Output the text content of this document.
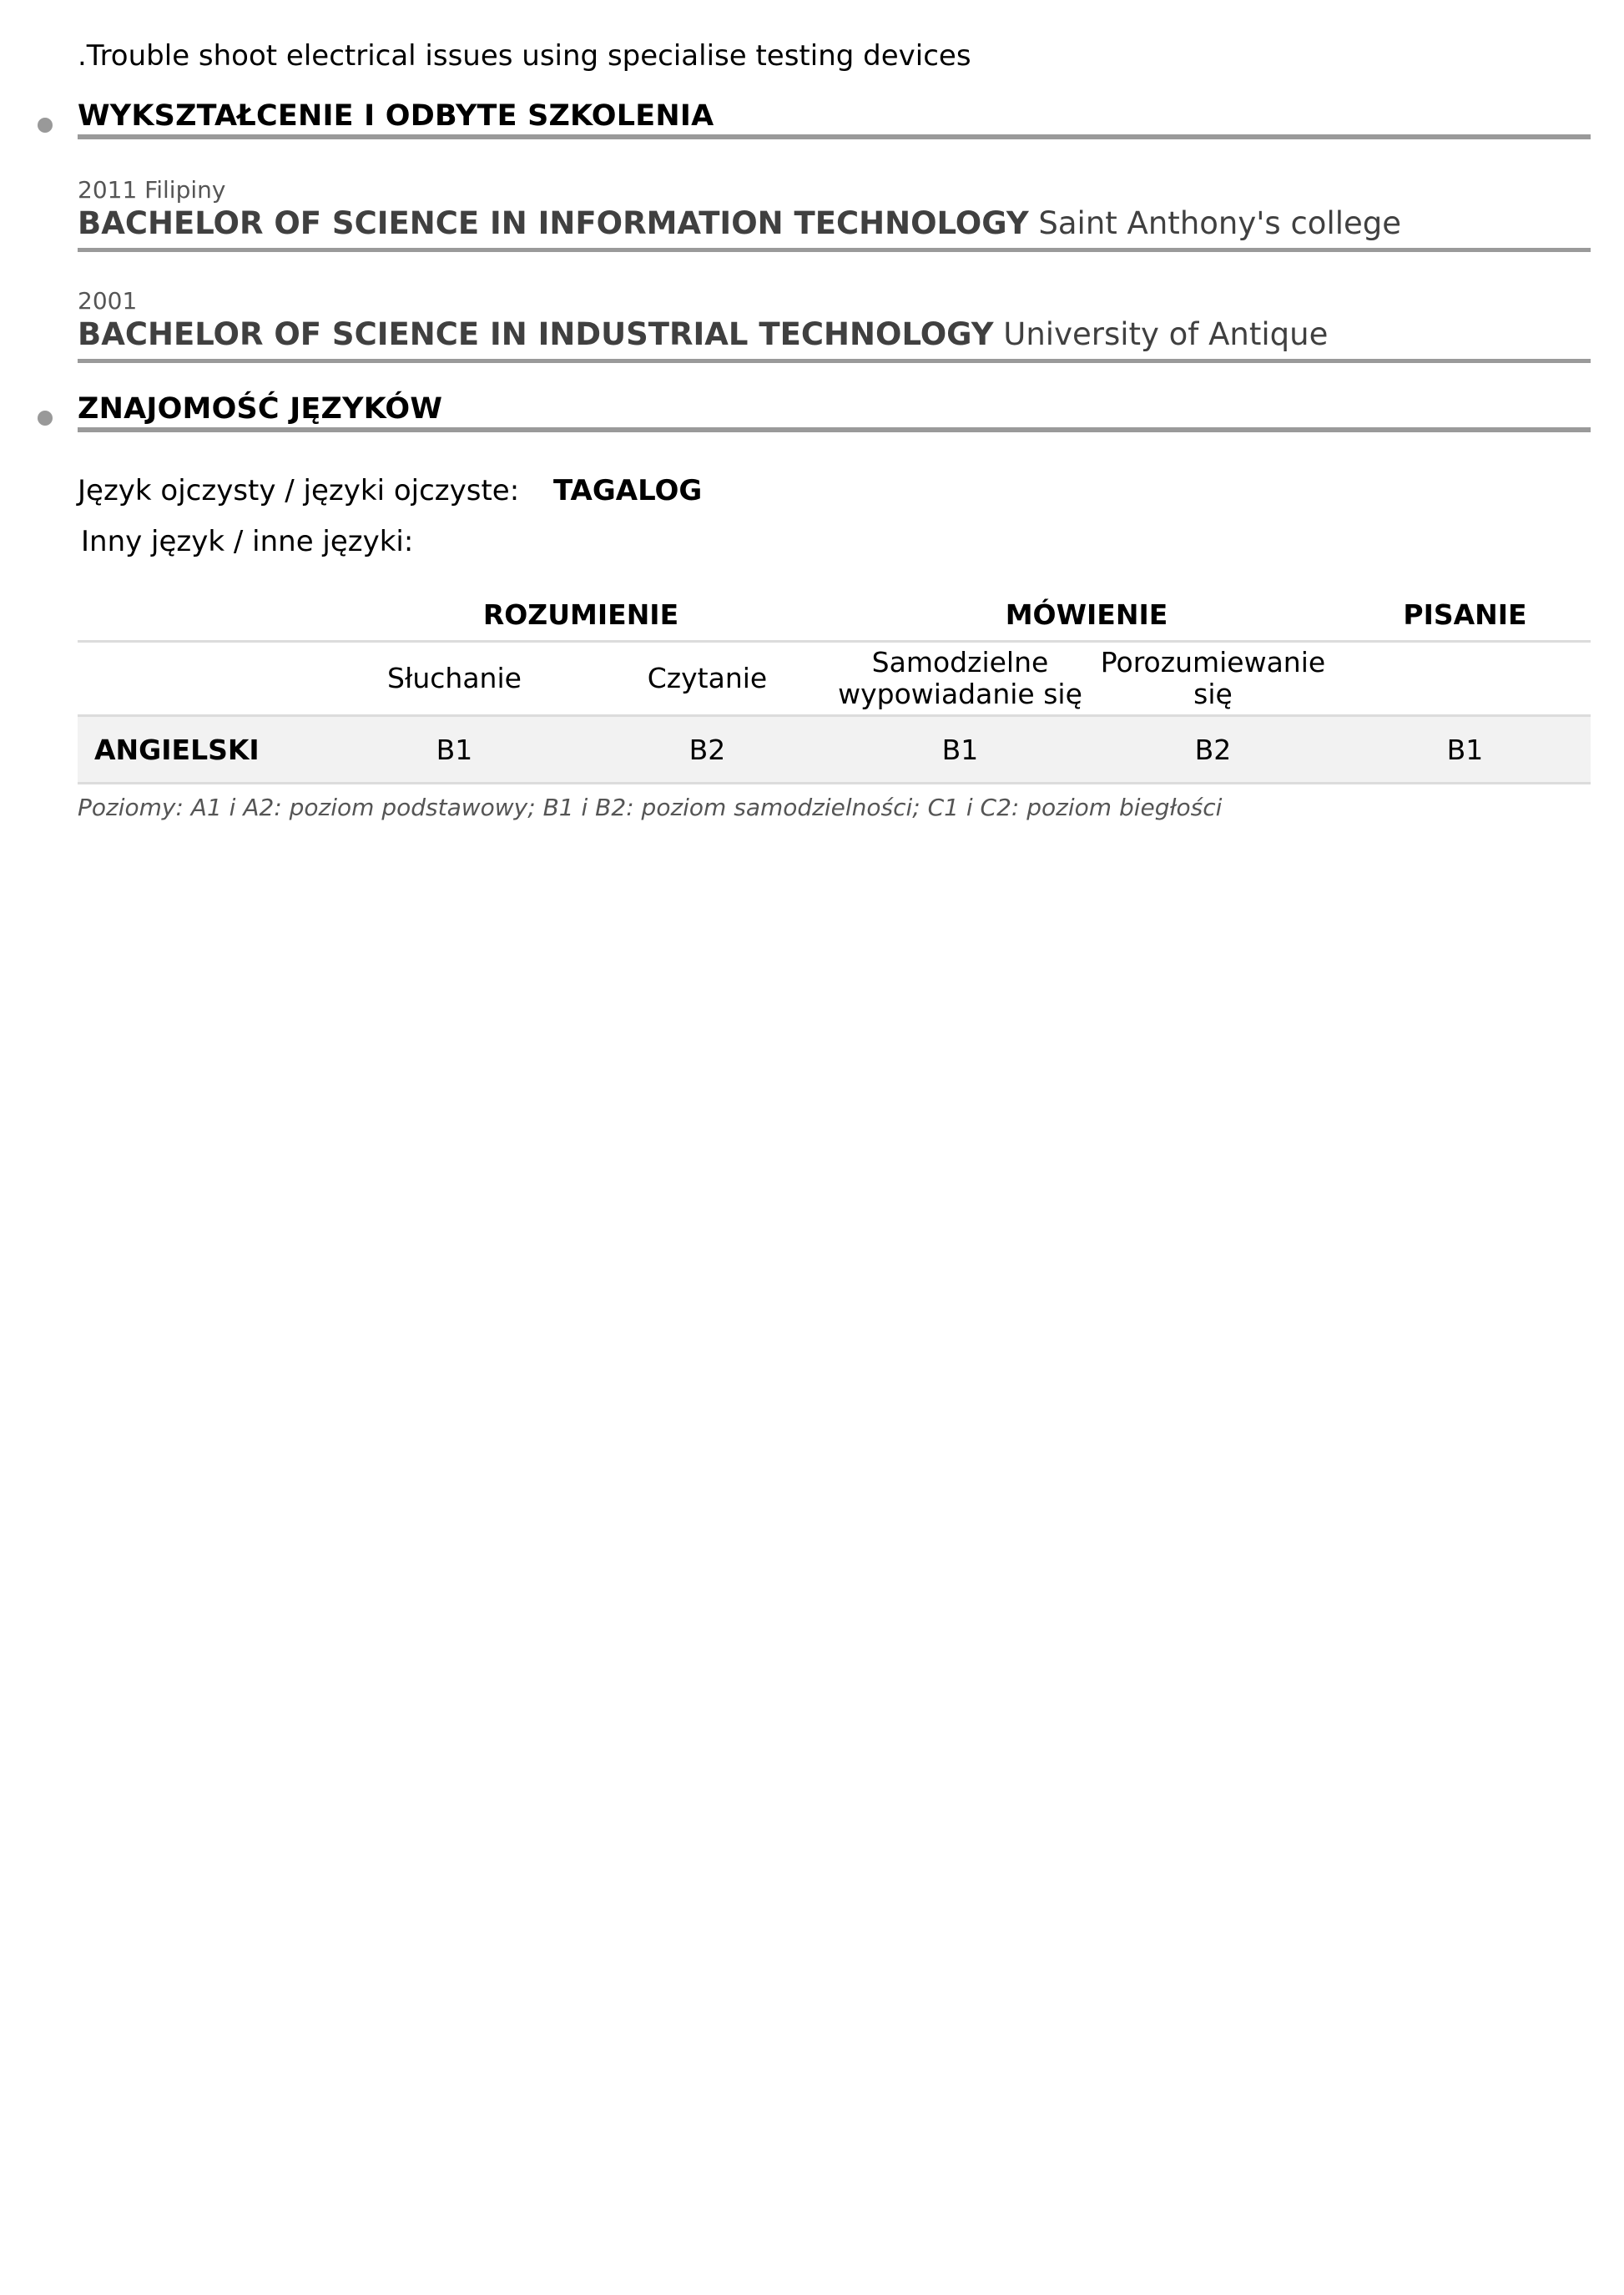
.Trouble shoot electrical issues using specialise testing devices
WYKSZTAŁCENIE I ODBYTE SZKOLENIA
2011 Filipiny
BACHELOR OF SCIENCE IN INFORMATION TECHNOLOGY Saint Anthony's college
2001
BACHELOR OF SCIENCE IN INDUSTRIAL TECHNOLOGY University of Antique
ZNAJOMOŚĆ JĘZYKÓW
Język ojczysty / języki ojczyste: TAGALOG
Inny język / inne języki:
	ROZUMIENIE		MÓWIENIE		PISANIE
	Słuchanie	Czytanie	Samodzielne wypowiadanie się	Porozumiewanie się	
ANGIELSKI	B1	B2	B1	B2	B1
Poziomy: A1 i A2: poziom podstawowy; B1 i B2: poziom samodzielności; C1 i C2: poziom biegłości
